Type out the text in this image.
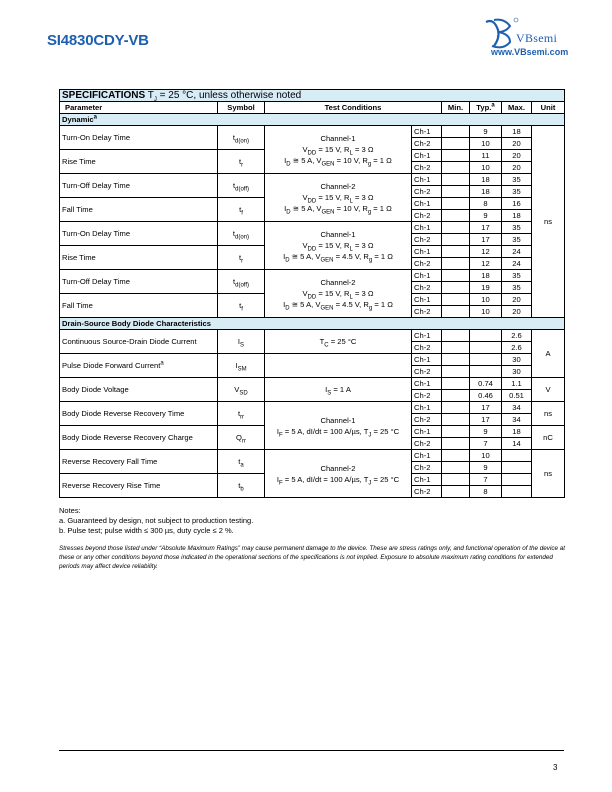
SI4830CDY-VB	VBsemi
www.VBsemi.com
SPECIFICATIONS $T_J = 25$ °C, unless otherwise noted							
Parameter	Symbol	Test Conditions		Min.	Typ.$^a$	Max.	Unit
Dynamic$^a$
Turn-On Delay Time	$t_{d(on)}$	Channel-1
$V_{DD} = 15$ V, $R_L = 3$ Ω
$I_D$ ≅ 5 A, $V_{GEN} = 10$ V, $R_g = 1$ Ω	Ch-1		9	18	ns
			Ch-2		10	20	
Rise Time	$t_r$		Ch-1		11	20	
			Ch-2		10	20	
Turn-Off Delay Time	$t_{d(off)}$	Channel-2
$V_{DD} = 15$ V, $R_L = 3$ Ω
$I_D$ ≅ 5 A, $V_{GEN} = 10$ V, $R_g = 1$ Ω	Ch-1		18	35	
			Ch-2		18	35	
Fall Time	$t_f$		Ch-1		8	16	
			Ch-2		9	18	
Turn-On Delay Time	$t_{d(on)}$	Channel-1
$V_{DD} = 15$ V, $R_L = 3$ Ω
$I_D$ ≅ 5 A, $V_{GEN} = 4.5$ V, $R_g = 1$ Ω	Ch-1		17	35	
			Ch-2		17	35	
Rise Time	$t_r$		Ch-1		12	24	
			Ch-2		12	24	
Turn-Off Delay Time	$t_{d(off)}$	Channel-2
$V_{DD} = 15$ V, $R_L = 3$ Ω
$I_D$ ≅ 5 A, $V_{GEN} = 4.5$ V, $R_g = 1$ Ω	Ch-1		18	35	
			Ch-2		19	35	
Fall Time	$t_f$		Ch-1		10	20	
			Ch-2		10	20	
Drain-Source Body Diode Characteristics							
Continuous Source-Drain Diode Current	$I_S$	$T_C = 25$ °C	Ch-1			2.6	A
			Ch-2			2.6	
Pulse Diode Forward Current$^a$	$I_{SM}$		Ch-1			30	
			Ch-2			30	
Body Diode Voltage	$V_{SD}$	$I_S = 1$ A	Ch-1		0.74	1.1	V
			Ch-2		0.46	0.51	
Body Diode Reverse Recovery Time	$t_{rr}$	Channel-1
$I_F = 5$ A, dI/dt = 100 A/µs, $T_J = 25$ °C	Ch-1		17	34	ns
			Ch-2		17	34	
Body Diode Reverse Recovery Charge	$Q_{rr}$		Ch-1		9	18	nC
			Ch-2		7	14	
Reverse Recovery Fall Time	$t_a$	Channel-2
$I_F = 5$ A, dI/dt = 100 A/µs, $T_J = 25$ °C	Ch-1		10		ns
			Ch-2		9		
Reverse Recovery Rise Time	$t_b$		Ch-1		7		
			Ch-2		8		
Notes:
a. Guaranteed by design, not subject to production testing.
b. Pulse test; pulse width ≤ 300 µs, duty cycle ≤ 2 %.
Stresses beyond those listed under “Absolute Maximum Ratings” may cause permanent damage to the device. These are stress ratings only, and functional operation of the device at these or any other conditions beyond those indicated in the operational sections of the specifications is not implied. Exposure to absolute maximum rating conditions for extended periods may affect device reliability.
3
